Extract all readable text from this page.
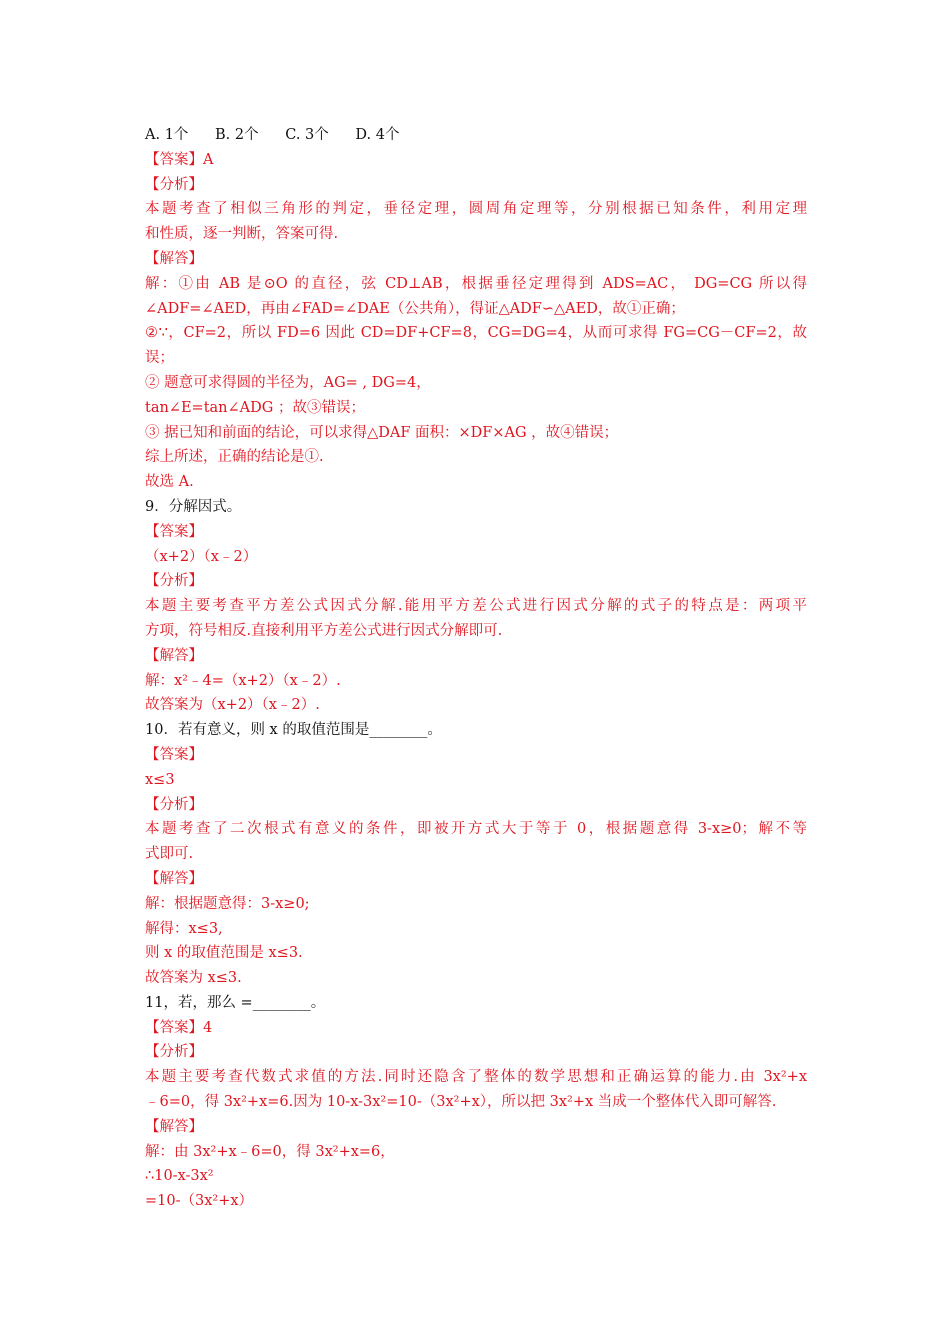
A. 1个 B. 2个 C. 3个 D. 4个
【答案】A
【分析】
本题考查了相似三角形的判定，垂径定理，圆周角定理等，分别根据已知条件，利用定理
和性质，逐一判断，答案可得.
【解答】
解：①由 AB 是⊙O 的直径，弦 CD⊥AB，根据垂径定理得到 ADS=AC， DG=CG 所以得
∠ADF=∠AED，再由∠FAD=∠DAE（公共角），得证△ADF∽△AED，故①正确；
②∵，CF=2，所以 FD=6 因此 CD=DF+CF=8，CG=DG=4，从而可求得 FG=CG－CF=2，故
误；
② 题意可求得圆的半径为，AG= , DG=4，
tan∠E=tan∠ADG ；故③错误；
③ 据已知和前面的结论，可以求得△DAF 面积：×DF×AG ，故④错误；
综上所述，正确的结论是①.
故选 A.
9．分解因式。
【答案】
（x+2）（x﹣2）
【分析】
本题主要考查平方差公式因式分解.能用平方差公式进行因式分解的式子的特点是：两项平
方项，符号相反.直接利用平方差公式进行因式分解即可.
【解答】
解：x²﹣4=（x+2）（x﹣2）.
故答案为（x+2）（x﹣2）.
10．若有意义，则 x 的取值范围是________。
【答案】
x≤3
【分析】
本题考查了二次根式有意义的条件，即被开方式大于等于 0，根据题意得 3-x≥0；解不等
式即可.
【解答】
解：根据题意得：3-x≥0;
解得：x≤3,
则 x 的取值范围是 x≤3.
故答案为 x≤3.
11，若，那么 =________。
【答案】4
【分析】
本题主要考查代数式求值的方法.同时还隐含了整体的数学思想和正确运算的能力.由 3x²+x
﹣6=0，得 3x²+x=6.因为 10-x-3x²=10-（3x²+x），所以把 3x²+x 当成一个整体代入即可解答.
【解答】
解：由 3x²+x﹣6=0，得 3x²+x=6，
∴10-x-3x²
=10-（3x²+x）
